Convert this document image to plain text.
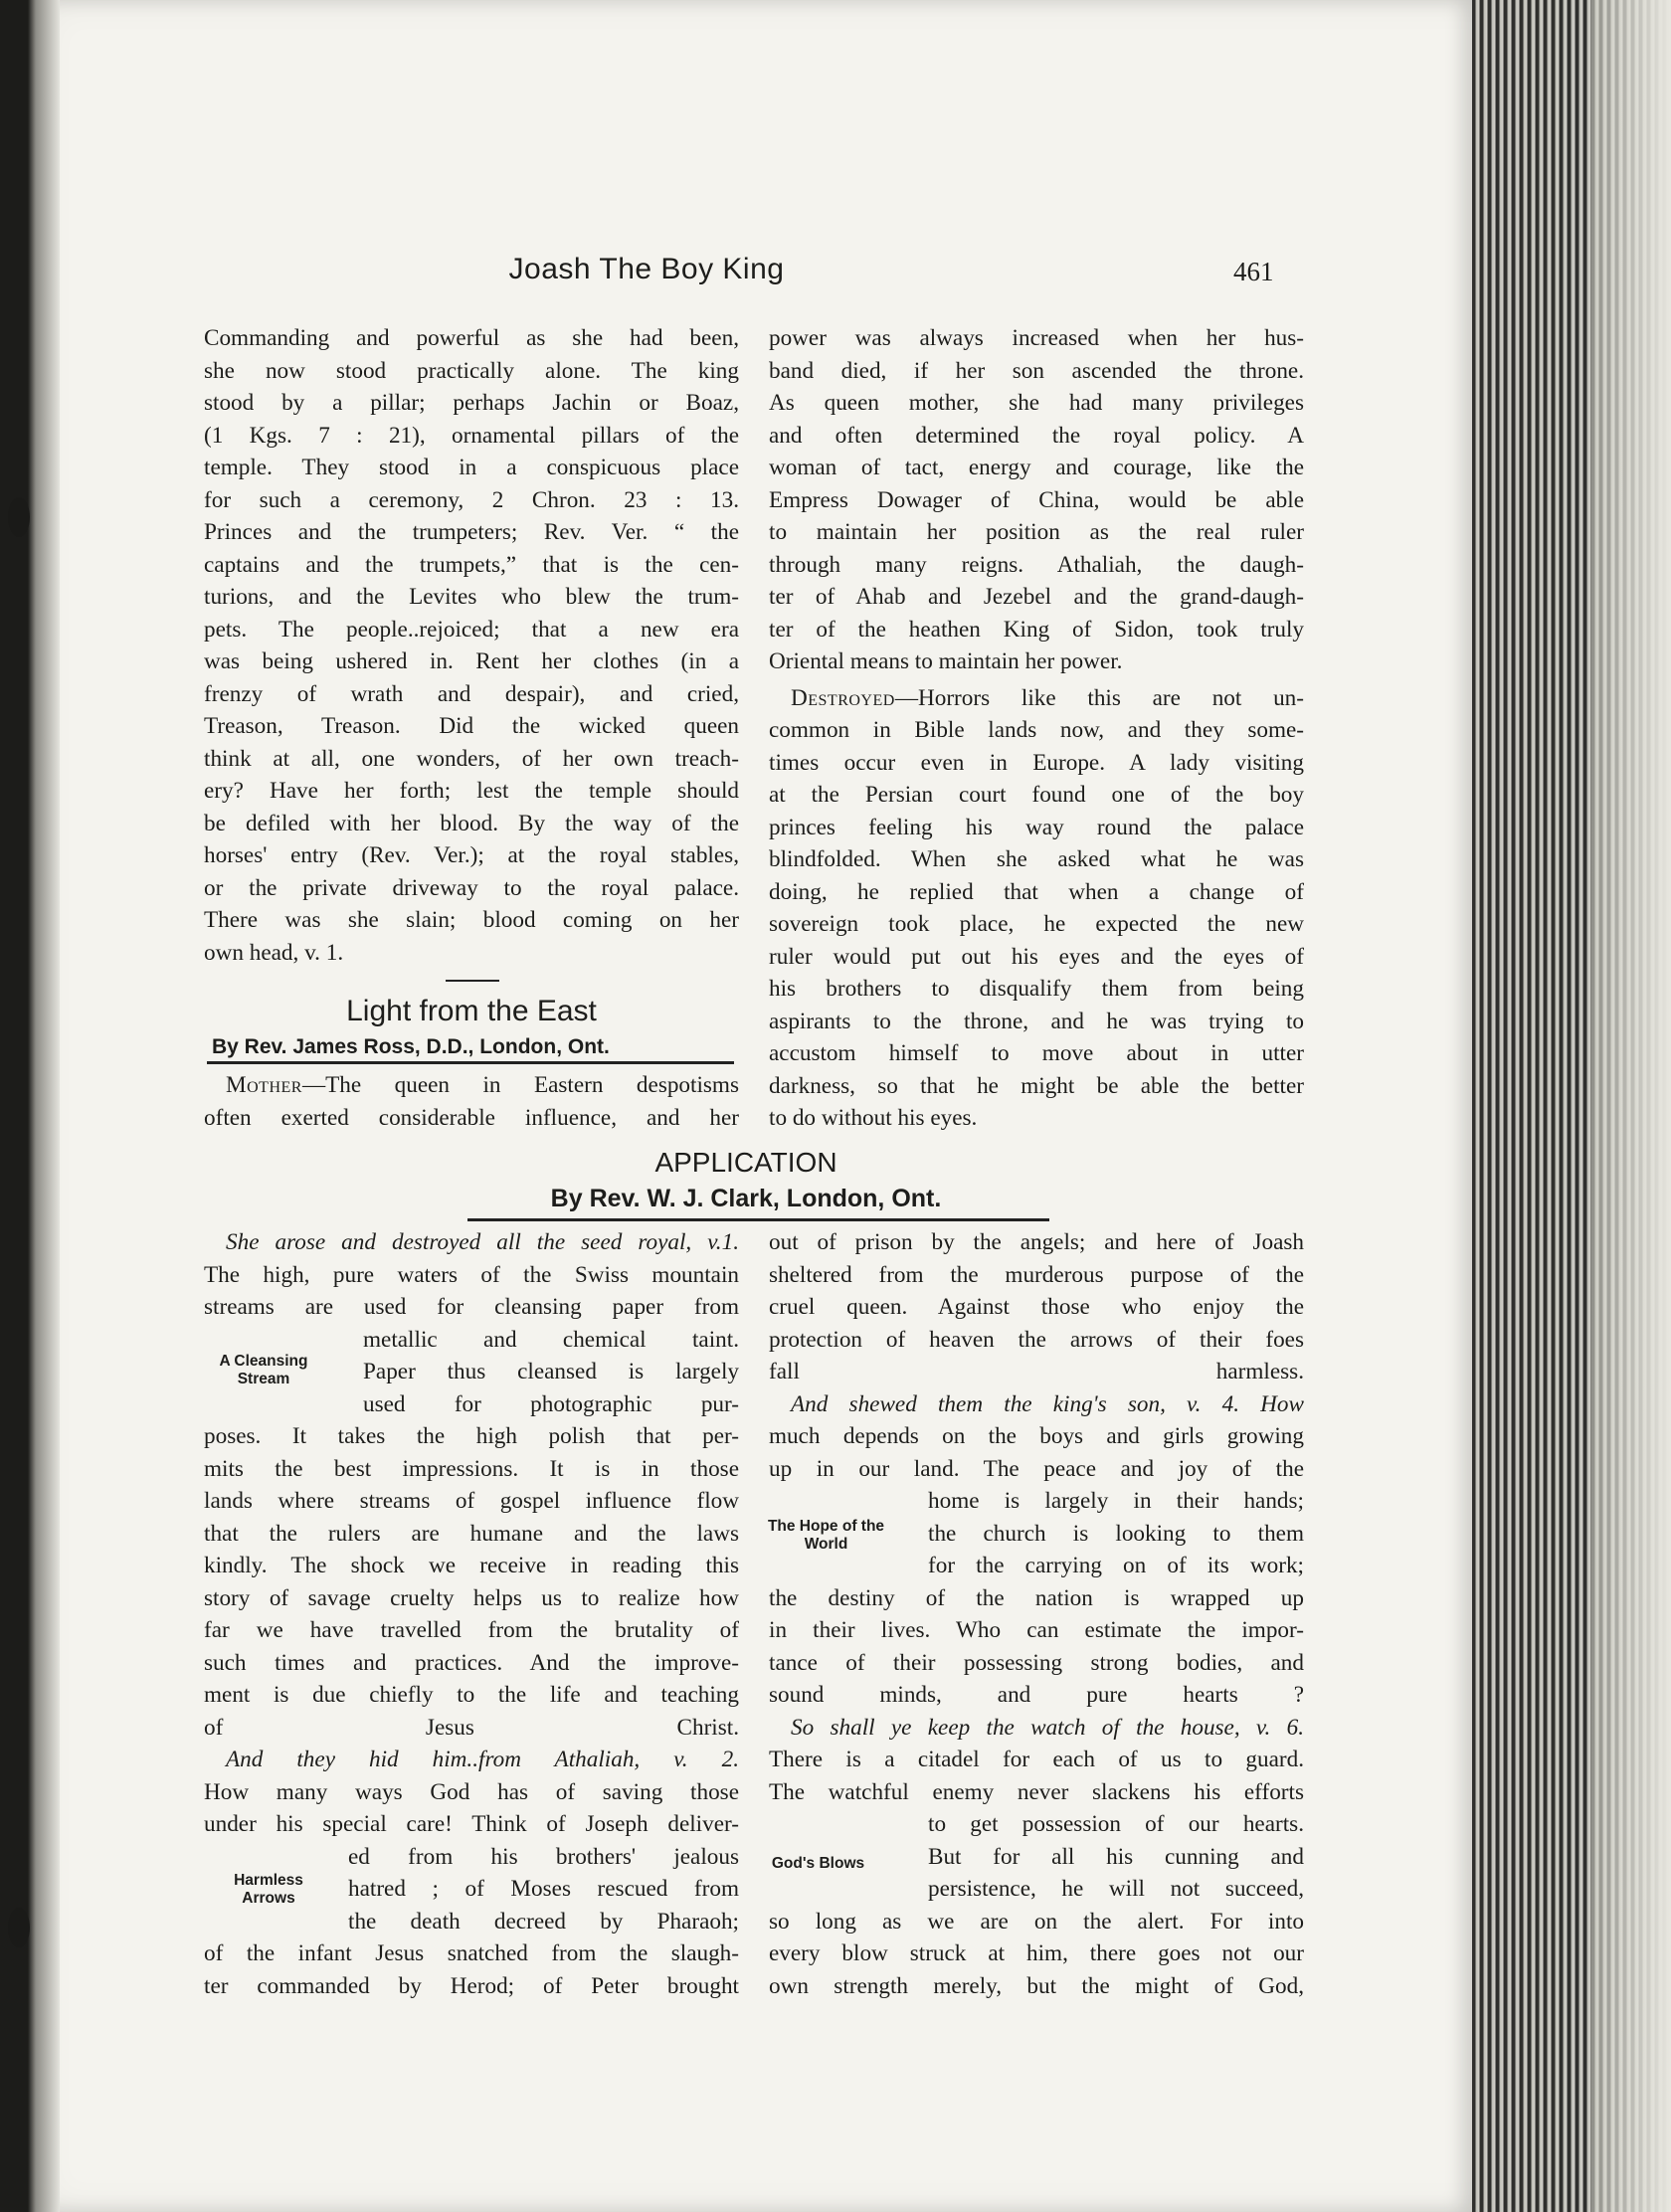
Joash The Boy King	461
Commanding and powerful as she had been,
she now stood practically alone. The king
stood by a pillar; perhaps Jachin or Boaz,
(1 Kgs. 7 : 21), ornamental pillars of the
temple. They stood in a conspicuous place
for such a ceremony, 2 Chron. 23 : 13.
Princes and the trumpeters; Rev. Ver. “ the
captains and the trumpets,” that is the cen-
turions, and the Levites who blew the trum-
pets. The people..rejoiced; that a new era
was being ushered in. Rent her clothes (in a
frenzy of wrath and despair), and cried,
Treason, Treason. Did the wicked queen
think at all, one wonders, of her own treach-
ery? Have her forth; lest the temple should
be defiled with her blood. By the way of the
horses' entry (Rev. Ver.); at the royal stables,
or the private driveway to the royal palace.
There was she slain; blood coming on her
own head, v. 1.
Light from the East
By Rev. James Ross, D.D., London, Ont.
Mother—The queen in Eastern despotisms
often exerted considerable influence, and her
power was always increased when her hus-
band died, if her son ascended the throne.
As queen mother, she had many privileges
and often determined the royal policy. A
woman of tact, energy and courage, like the
Empress Dowager of China, would be able
to maintain her position as the real ruler
through many reigns. Athaliah, the daugh-
ter of Ahab and Jezebel and the grand-daugh-
ter of the heathen King of Sidon, took truly
Oriental means to maintain her power.
Destroyed—Horrors like this are not un-
common in Bible lands now, and they some-
times occur even in Europe. A lady visiting
at the Persian court found one of the boy
princes feeling his way round the palace
blindfolded. When she asked what he was
doing, he replied that when a change of
sovereign took place, he expected the new
ruler would put out his eyes and the eyes of
his brothers to disqualify them from being
aspirants to the throne, and he was trying to
accustom himself to move about in utter
darkness, so that he might be able the better
to do without his eyes.
APPLICATION
By Rev. W. J. Clark, London, Ont.
She arose and destroyed all the seed royal, v.1.
The high, pure waters of the Swiss mountain
streams are used for cleansing paper from
metallic and chemical taint.
Paper thus cleansed is largely
used for photographic pur-
poses. It takes the high polish that per-
mits the best impressions. It is in those
lands where streams of gospel influence flow
that the rulers are humane and the laws
kindly. The shock we receive in reading this
story of savage cruelty helps us to realize how
far we have travelled from the brutality of
such times and practices. And the improve-
ment is due chiefly to the life and teaching
of Jesus Christ.
And they hid him..from Athaliah, v. 2.
How many ways God has of saving those
under his special care! Think of Joseph deliver-
ed from his brothers' jealous
hatred ; of Moses rescued from
the death decreed by Pharaoh;
of the infant Jesus snatched from the slaugh-
ter commanded by Herod; of Peter brought
out of prison by the angels; and here of Joash
sheltered from the murderous purpose of the
cruel queen. Against those who enjoy the
protection of heaven the arrows of their foes
fall harmless.
And shewed them the king's son, v. 4. How
much depends on the boys and girls growing
up in our land. The peace and joy of the
home is largely in their hands;
the church is looking to them
for the carrying on of its work;
the destiny of the nation is wrapped up
in their lives. Who can estimate the impor-
tance of their possessing strong bodies, and
sound minds, and pure hearts ?
So shall ye keep the watch of the house, v. 6.
There is a citadel for each of us to guard.
The watchful enemy never slackens his efforts
to get possession of our hearts.
But for all his cunning and
persistence, he will not succeed,
so long as we are on the alert. For into
every blow struck at him, there goes not our
own strength merely, but the might of God,
A Cleansing Stream
Harmless Arrows
The Hope of the World
God's Blows
